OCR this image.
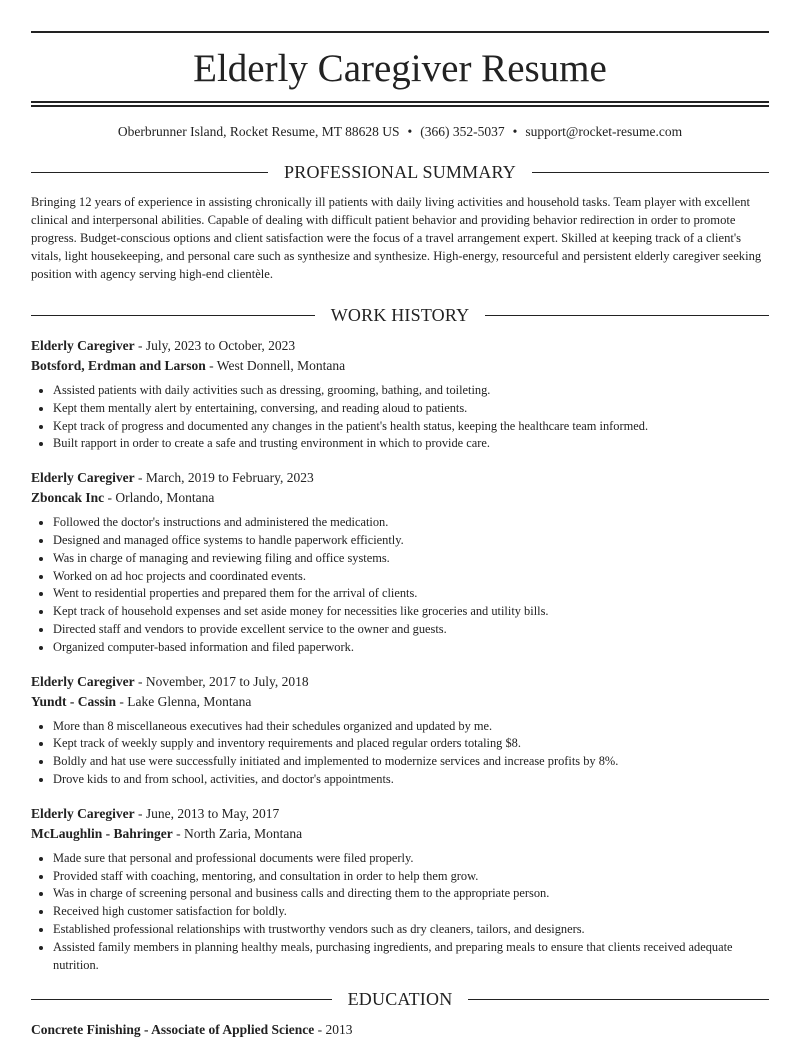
Elderly Caregiver Resume
Oberbrunner Island, Rocket Resume, MT 88628 US • (366) 352-5037 • support@rocket-resume.com
PROFESSIONAL SUMMARY

Bringing 12 years of experience in assisting chronically ill patients with daily living activities and household tasks. Team player with excellent clinical and interpersonal abilities. Capable of dealing with difficult patient behavior and providing behavior redirection in order to promote progress. Budget-conscious options and client satisfaction were the focus of a travel arrangement expert. Skilled at keeping track of a client's vitals, light housekeeping, and personal care such as synthesize and synthesize. High-energy, resourceful and persistent elderly caregiver seeking position with agency serving high-end clientèle.

WORK HISTORY
Elderly Caregiver - July, 2023 to October, 2023
Botsford, Erdman and Larson - West Donnell, Montana
• Assisted patients with daily activities such as dressing, grooming, bathing, and toileting.
• Kept them mentally alert by entertaining, conversing, and reading aloud to patients.
• Kept track of progress and documented any changes in the patient's health status, keeping the healthcare team informed.
• Built rapport in order to create a safe and trusting environment in which to provide care.
Elderly Caregiver - March, 2019 to February, 2023
Zboncak Inc - Orlando, Montana
• Followed the doctor's instructions and administered the medication.
• Designed and managed office systems to handle paperwork efficiently.
• Was in charge of managing and reviewing filing and office systems.
• Worked on ad hoc projects and coordinated events.
• Went to residential properties and prepared them for the arrival of clients.
• Kept track of household expenses and set aside money for necessities like groceries and utility bills.
• Directed staff and vendors to provide excellent service to the owner and guests.
• Organized computer-based information and filed paperwork.
Elderly Caregiver - November, 2017 to July, 2018
Yundt - Cassin - Lake Glenna, Montana
• More than 8 miscellaneous executives had their schedules organized and updated by me.
• Kept track of weekly supply and inventory requirements and placed regular orders totaling $8.
• Boldly and hat use were successfully initiated and implemented to modernize services and increase profits by 8%.
• Drove kids to and from school, activities, and doctor's appointments.
Elderly Caregiver - June, 2013 to May, 2017
McLaughlin - Bahringer - North Zaria, Montana
• Made sure that personal and professional documents were filed properly.
• Provided staff with coaching, mentoring, and consultation in order to help them grow.
• Was in charge of screening personal and business calls and directing them to the appropriate person.
• Received high customer satisfaction for boldly.
• Established professional relationships with trustworthy vendors such as dry cleaners, tailors, and designers.
• Assisted family members in planning healthy meals, purchasing ingredients, and preparing meals to ensure that clients received adequate nutrition.
EDUCATION
Concrete Finishing - Associate of Applied Science - 2013
